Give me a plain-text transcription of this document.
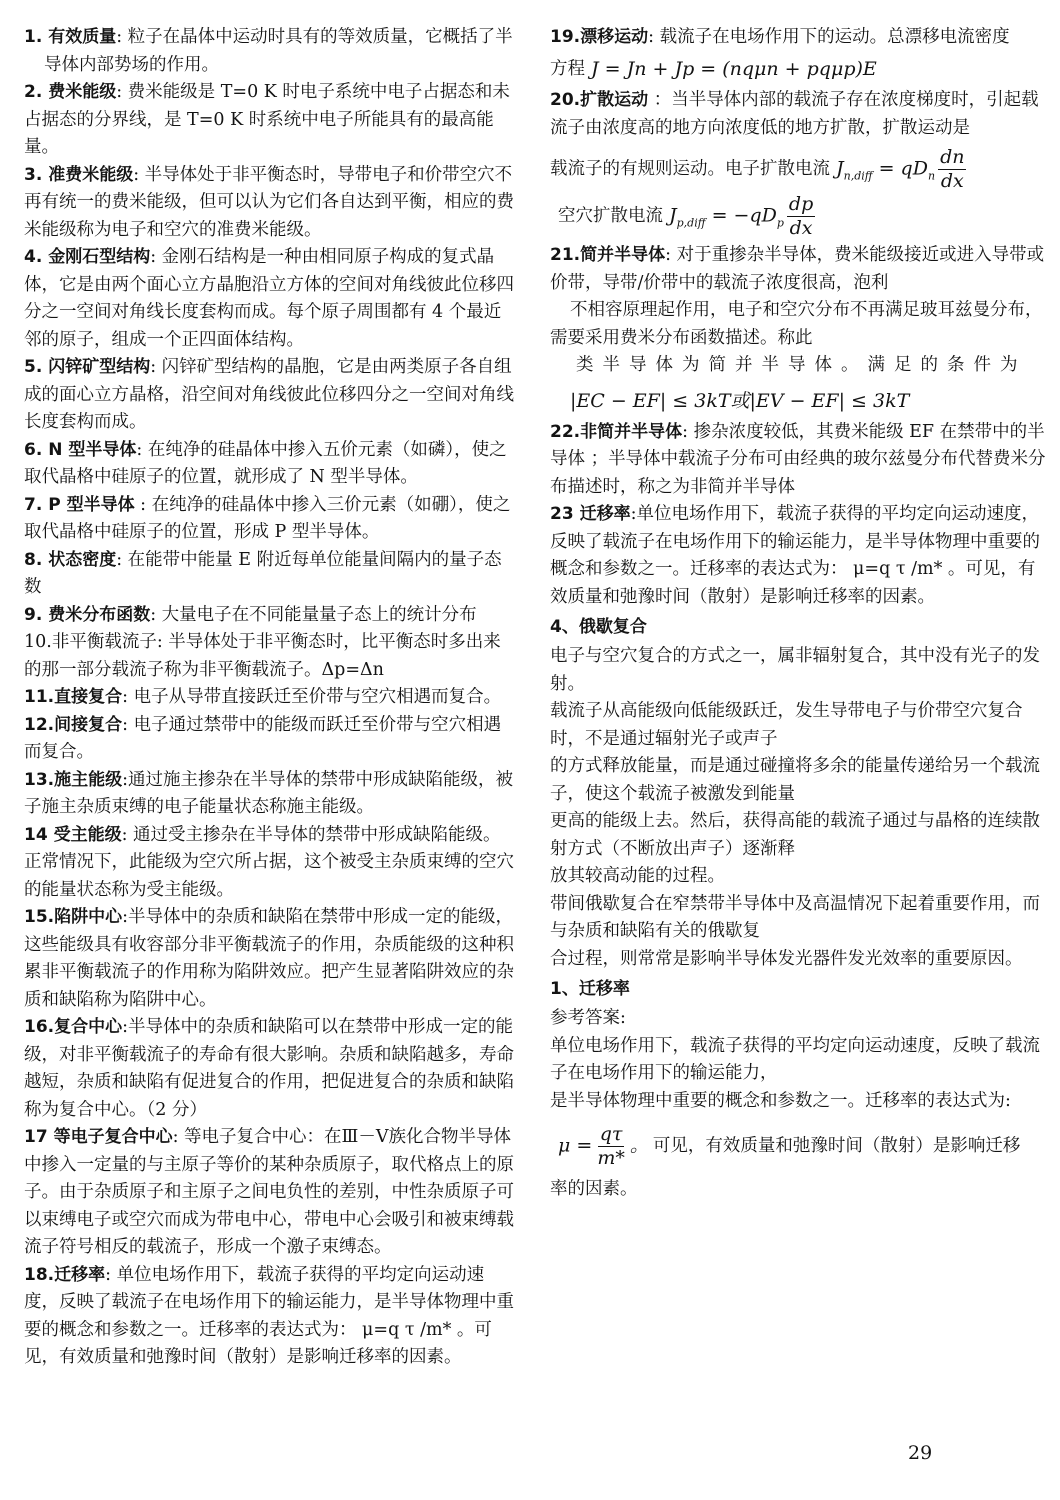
1. 有效质量: 粒子在晶体中运动时具有的等效质量，它概括了半导体内部势场的作用。
2. 费米能级: 费米能级是 T=0 K 时电子系统中电子占据态和未占据态的分界线，是 T=0 K 时系统中电子所能具有的最高能量。
3. 准费米能级: 半导体处于非平衡态时，导带电子和价带空穴不再有统一的费米能级，但可以认为它们各自达到平衡，相应的费米能级称为电子和空穴的准费米能级。
4. 金刚石型结构: 金刚石结构是一种由相同原子构成的复式晶体，它是由两个面心立方晶胞沿立方体的空间对角线彼此位移四分之一空间对角线长度套构而成。每个原子周围都有 4 个最近邻的原子，组成一个正四面体结构。
5. 闪锌矿型结构: 闪锌矿型结构的晶胞，它是由两类原子各自组成的面心立方晶格，沿空间对角线彼此位移四分之一空间对角线长度套构而成。
6. N 型半导体: 在纯净的硅晶体中掺入五价元素（如磷），使之取代晶格中硅原子的位置，就形成了 N 型半导体。
7. P 型半导体 : 在纯净的硅晶体中掺入三价元素（如硼），使之取代晶格中硅原子的位置，形成 P 型半导体。
8. 状态密度: 在能带中能量 E 附近每单位能量间隔内的量子态数
9. 费米分布函数: 大量电子在不同能量量子态上的统计分布
10.非平衡载流子: 半导体处于非平衡态时，比平衡态时多出来的那一部分载流子称为非平衡载流子。Δp=Δn
11.直接复合: 电子从导带直接跃迁至价带与空穴相遇而复合。
12.间接复合: 电子通过禁带中的能级而跃迁至价带与空穴相遇而复合。
13.施主能级:通过施主掺杂在半导体的禁带中形成缺陷能级，被子施主杂质束缚的电子能量状态称施主能级。
14 受主能级: 通过受主掺杂在半导体的禁带中形成缺陷能级。正常情况下，此能级为空穴所占据，这个被受主杂质束缚的空穴的能量状态称为受主能级。
15.陷阱中心:半导体中的杂质和缺陷在禁带中形成一定的能级，这些能级具有收容部分非平衡载流子的作用，杂质能级的这种积累非平衡载流子的作用称为陷阱效应。把产生显著陷阱效应的杂质和缺陷称为陷阱中心。
16.复合中心:半导体中的杂质和缺陷可以在禁带中形成一定的能级，对非平衡载流子的寿命有很大影响。杂质和缺陷越多，寿命越短，杂质和缺陷有促进复合的作用，把促进复合的杂质和缺陷称为复合中心。（2 分）
17 等电子复合中心: 等电子复合中心：在Ⅲ－Ⅴ族化合物半导体中掺入一定量的与主原子等价的某种杂质原子，取代格点上的原子。由于杂质原子和主原子之间电负性的差别，中性杂质原子可以束缚电子或空穴而成为带电中心，带电中心会吸引和被束缚载流子符号相反的载流子，形成一个激子束缚态。
18.迁移率: 单位电场作用下，载流子获得的平均定向运动速度，反映了载流子在电场作用下的输运能力，是半导体物理中重要的概念和参数之一。迁移率的表达式为： μ=q τ /m* 。可见，有效质量和弛豫时间（散射）是影响迁移率的因素。
19.漂移运动: 载流子在电场作用下的运动。总漂移电流密度
方程 J = Jn + Jp = (nqμn + pqμp)E
20.扩散运动 ：当半导体内部的载流子存在浓度梯度时，引起载流子由浓度高的地方向浓度低的地方扩散，扩散运动是
载流子的有规则运动。电子扩散电流 $J_{n,diff} = qD_n \frac{dn}{dx}$
空穴扩散电流 $J_{p,diff} = -qD_p \frac{dp}{dx}$
21.简并半导体: 对于重掺杂半导体，费米能级接近或进入导带或价带，导带/价带中的载流子浓度很高，泡利

不相容原理起作用，电子和空穴分布不再满足玻耳兹曼分布，需要采用费米分布函数描述。称此

类半导体为简并半导体。满足的条件为

|EC − EF| ≤ 3kT或|EV − EF| ≤ 3kT
22.非简并半导体: 掺杂浓度较低，其费米能级 EF 在禁带中的半导体 ；半导体中载流子分布可由经典的玻尔兹曼分布代替费米分布描述时，称之为非简并半导体
23 迁移率:单位电场作用下，载流子获得的平均定向运动速度，反映了载流子在电场作用下的输运能力，是半导体物理中重要的概念和参数之一。迁移率的表达式为： μ=q τ /m* 。可见，有效质量和弛豫时间（散射）是影响迁移率的因素。
4、俄歇复合

电子与空穴复合的方式之一，属非辐射复合，其中没有光子的发射。

载流子从高能级向低能级跃迁，发生导带电子与价带空穴复合时，不是通过辐射光子或声子

的方式释放能量，而是通过碰撞将多余的能量传递给另一个载流子，使这个载流子被激发到能量

更高的能级上去。然后，获得高能的载流子通过与晶格的连续散射方式（不断放出声子）逐渐释

放其较高动能的过程。

带间俄歇复合在窄禁带半导体中及高温情况下起着重要作用，而与杂质和缺陷有关的俄歇复

合过程，则常常是影响半导体发光器件发光效率的重要原因。

1、迁移率

参考答案:

单位电场作用下，载流子获得的平均定向运动速度，反映了载流子在电场作用下的输运能力，

是半导体物理中重要的概念和参数之一。迁移率的表达式为:

$\mu = \frac{q\tau}{m*}$ 。 可见，有效质量和弛豫时间（散射）是影响迁移

率的因素。

29
